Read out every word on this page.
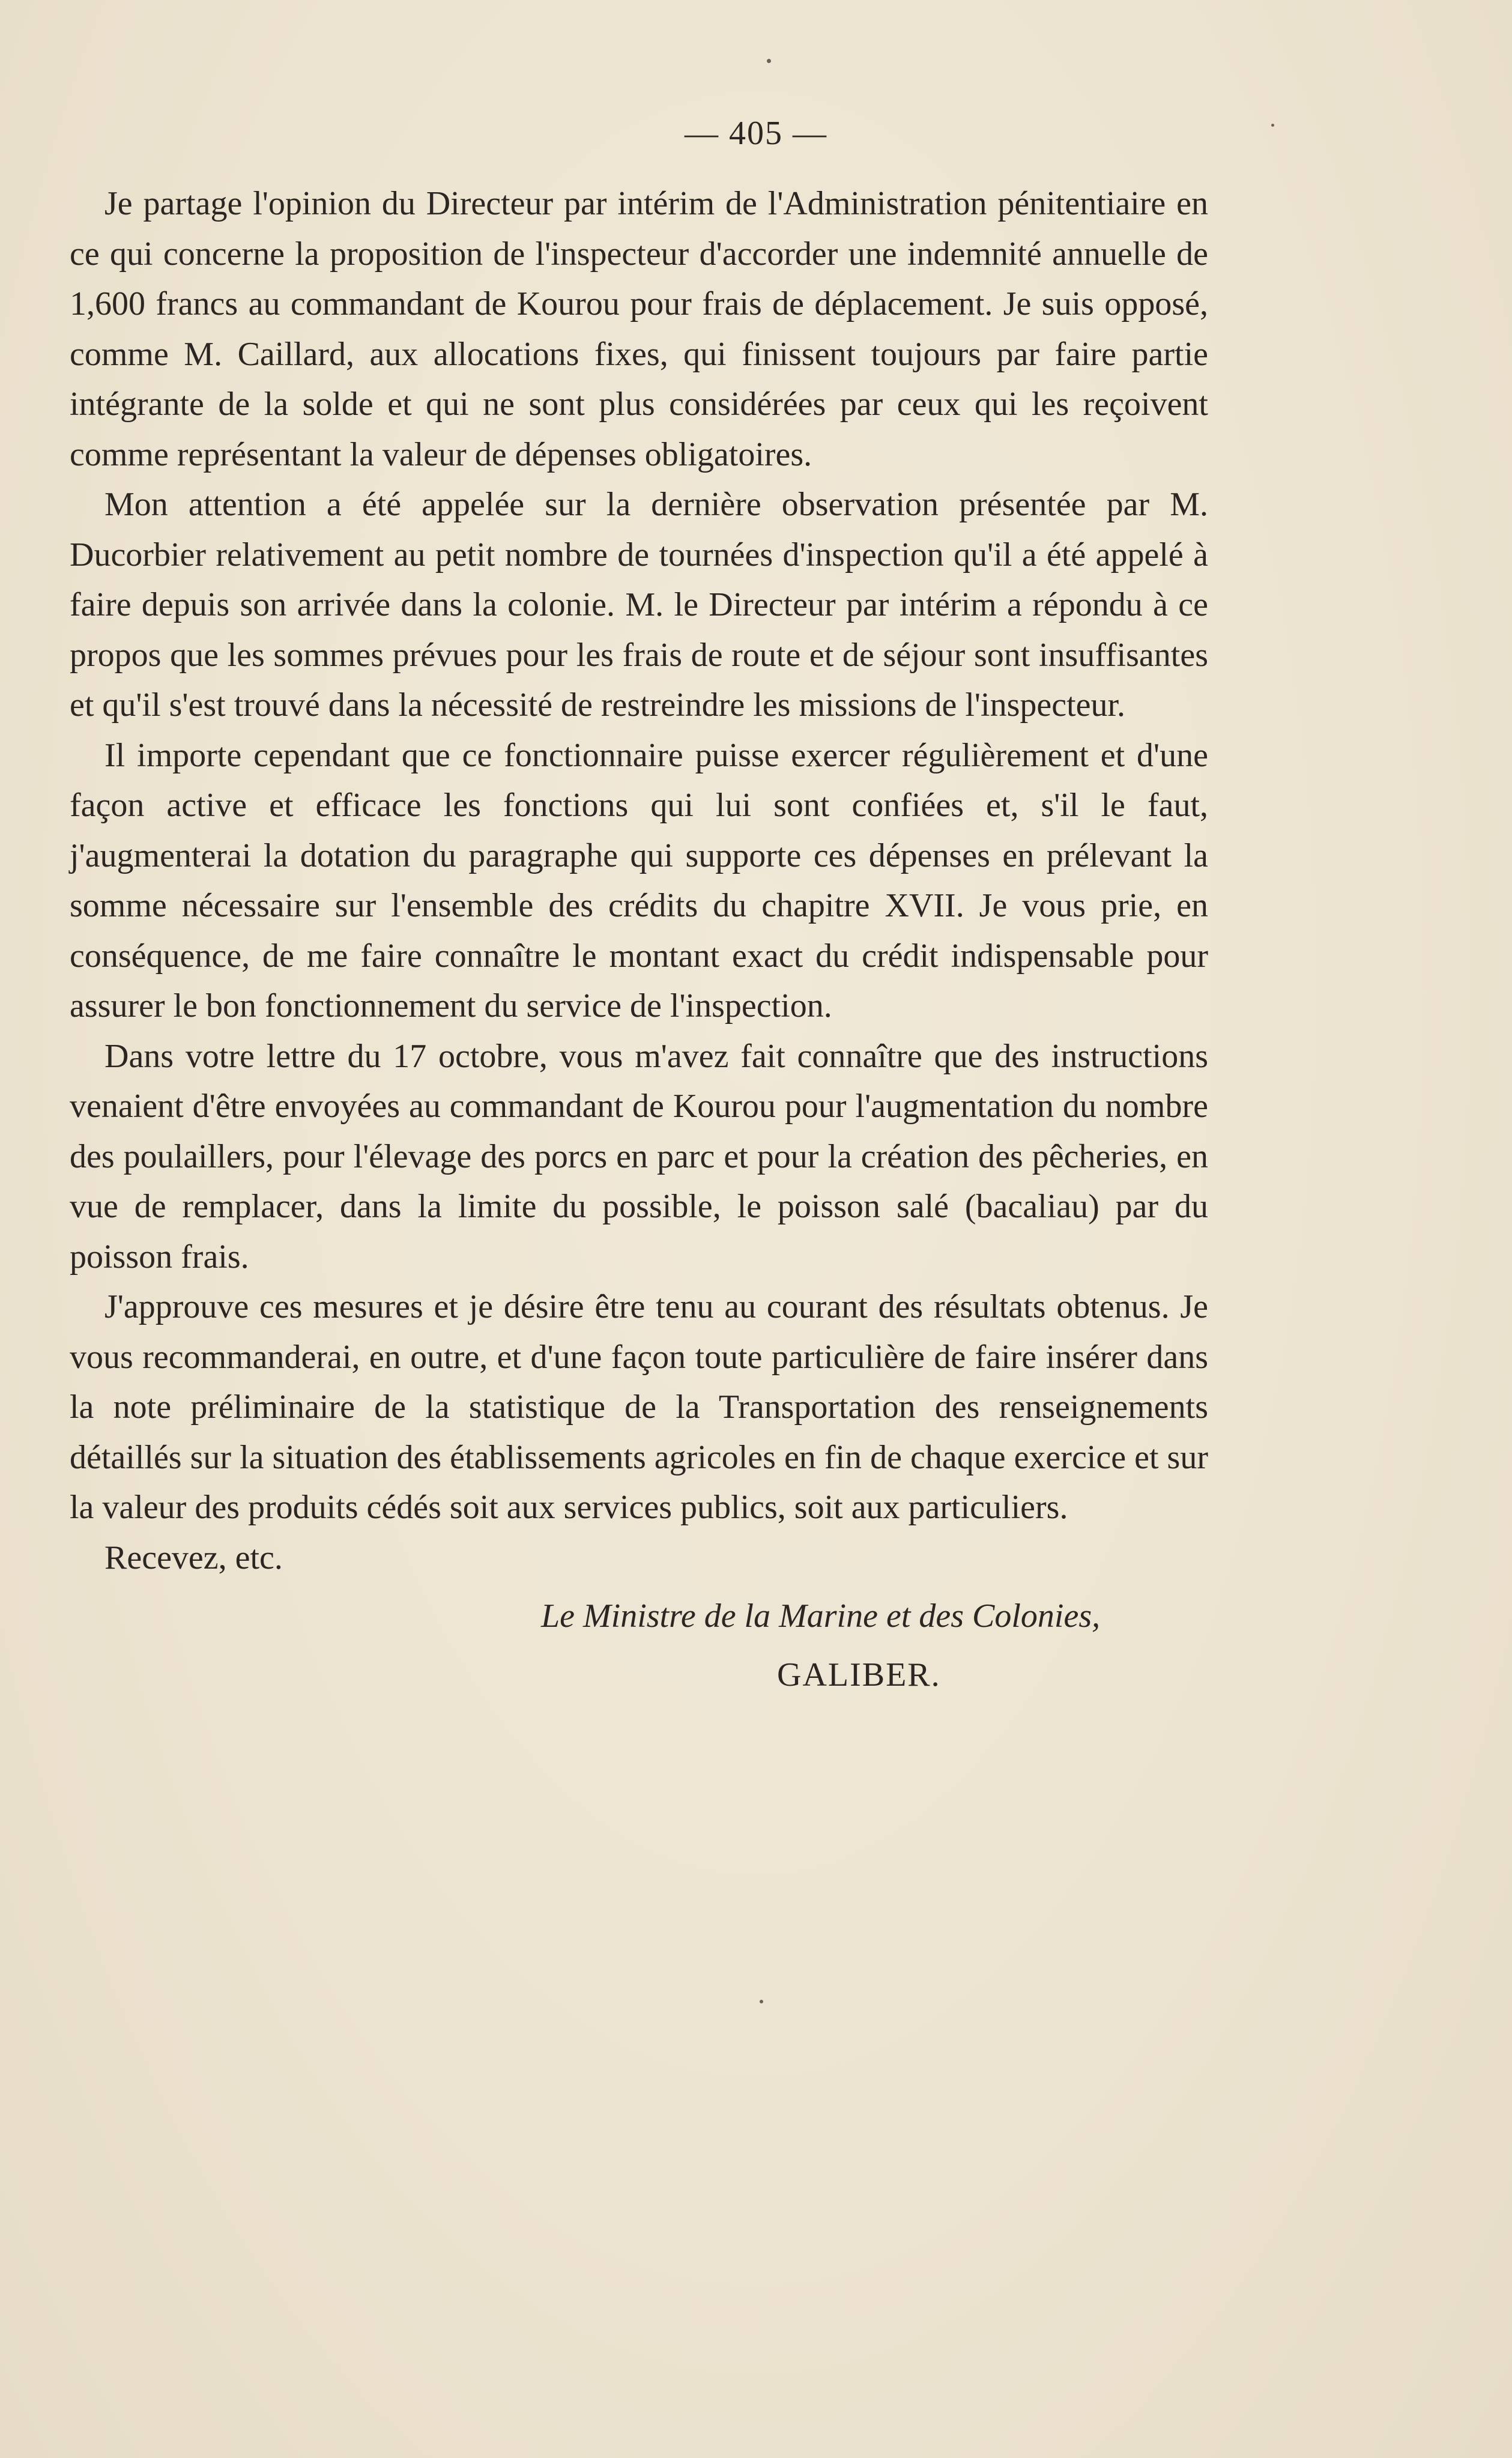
— 405 —

Je partage l'opinion du Directeur par intérim de l'Administration pénitentiaire en ce qui concerne la proposition de l'inspecteur d'accorder une indemnité annuelle de 1,600 francs au commandant de Kourou pour frais de déplacement. Je suis opposé, comme M. Caillard, aux allocations fixes, qui finissent toujours par faire partie intégrante de la solde et qui ne sont plus considérées par ceux qui les reçoivent comme représentant la valeur de dépenses obligatoires.

Mon attention a été appelée sur la dernière observation présentée par M. Ducorbier relativement au petit nombre de tournées d'inspection qu'il a été appelé à faire depuis son arrivée dans la colonie. M. le Directeur par intérim a répondu à ce propos que les sommes prévues pour les frais de route et de séjour sont insuffisantes et qu'il s'est trouvé dans la nécessité de restreindre les missions de l'inspecteur.

Il importe cependant que ce fonctionnaire puisse exercer régulièrement et d'une façon active et efficace les fonctions qui lui sont confiées et, s'il le faut, j'augmenterai la dotation du paragraphe qui supporte ces dépenses en prélevant la somme nécessaire sur l'ensemble des crédits du chapitre XVII. Je vous prie, en conséquence, de me faire connaître le montant exact du crédit indispensable pour assurer le bon fonctionnement du service de l'inspection.

Dans votre lettre du 17 octobre, vous m'avez fait connaître que des instructions venaient d'être envoyées au commandant de Kourou pour l'augmentation du nombre des poulaillers, pour l'élevage des porcs en parc et pour la création des pêcheries, en vue de remplacer, dans la limite du possible, le poisson salé (bacaliau) par du poisson frais.

J'approuve ces mesures et je désire être tenu au courant des résultats obtenus. Je vous recommanderai, en outre, et d'une façon toute particulière de faire insérer dans la note préliminaire de la statistique de la Transportation des renseignements détaillés sur la situation des établissements agricoles en fin de chaque exercice et sur la valeur des produits cédés soit aux services publics, soit aux particuliers.

Recevez, etc.

Le Ministre de la Marine et des Colonies,

GALIBER.
